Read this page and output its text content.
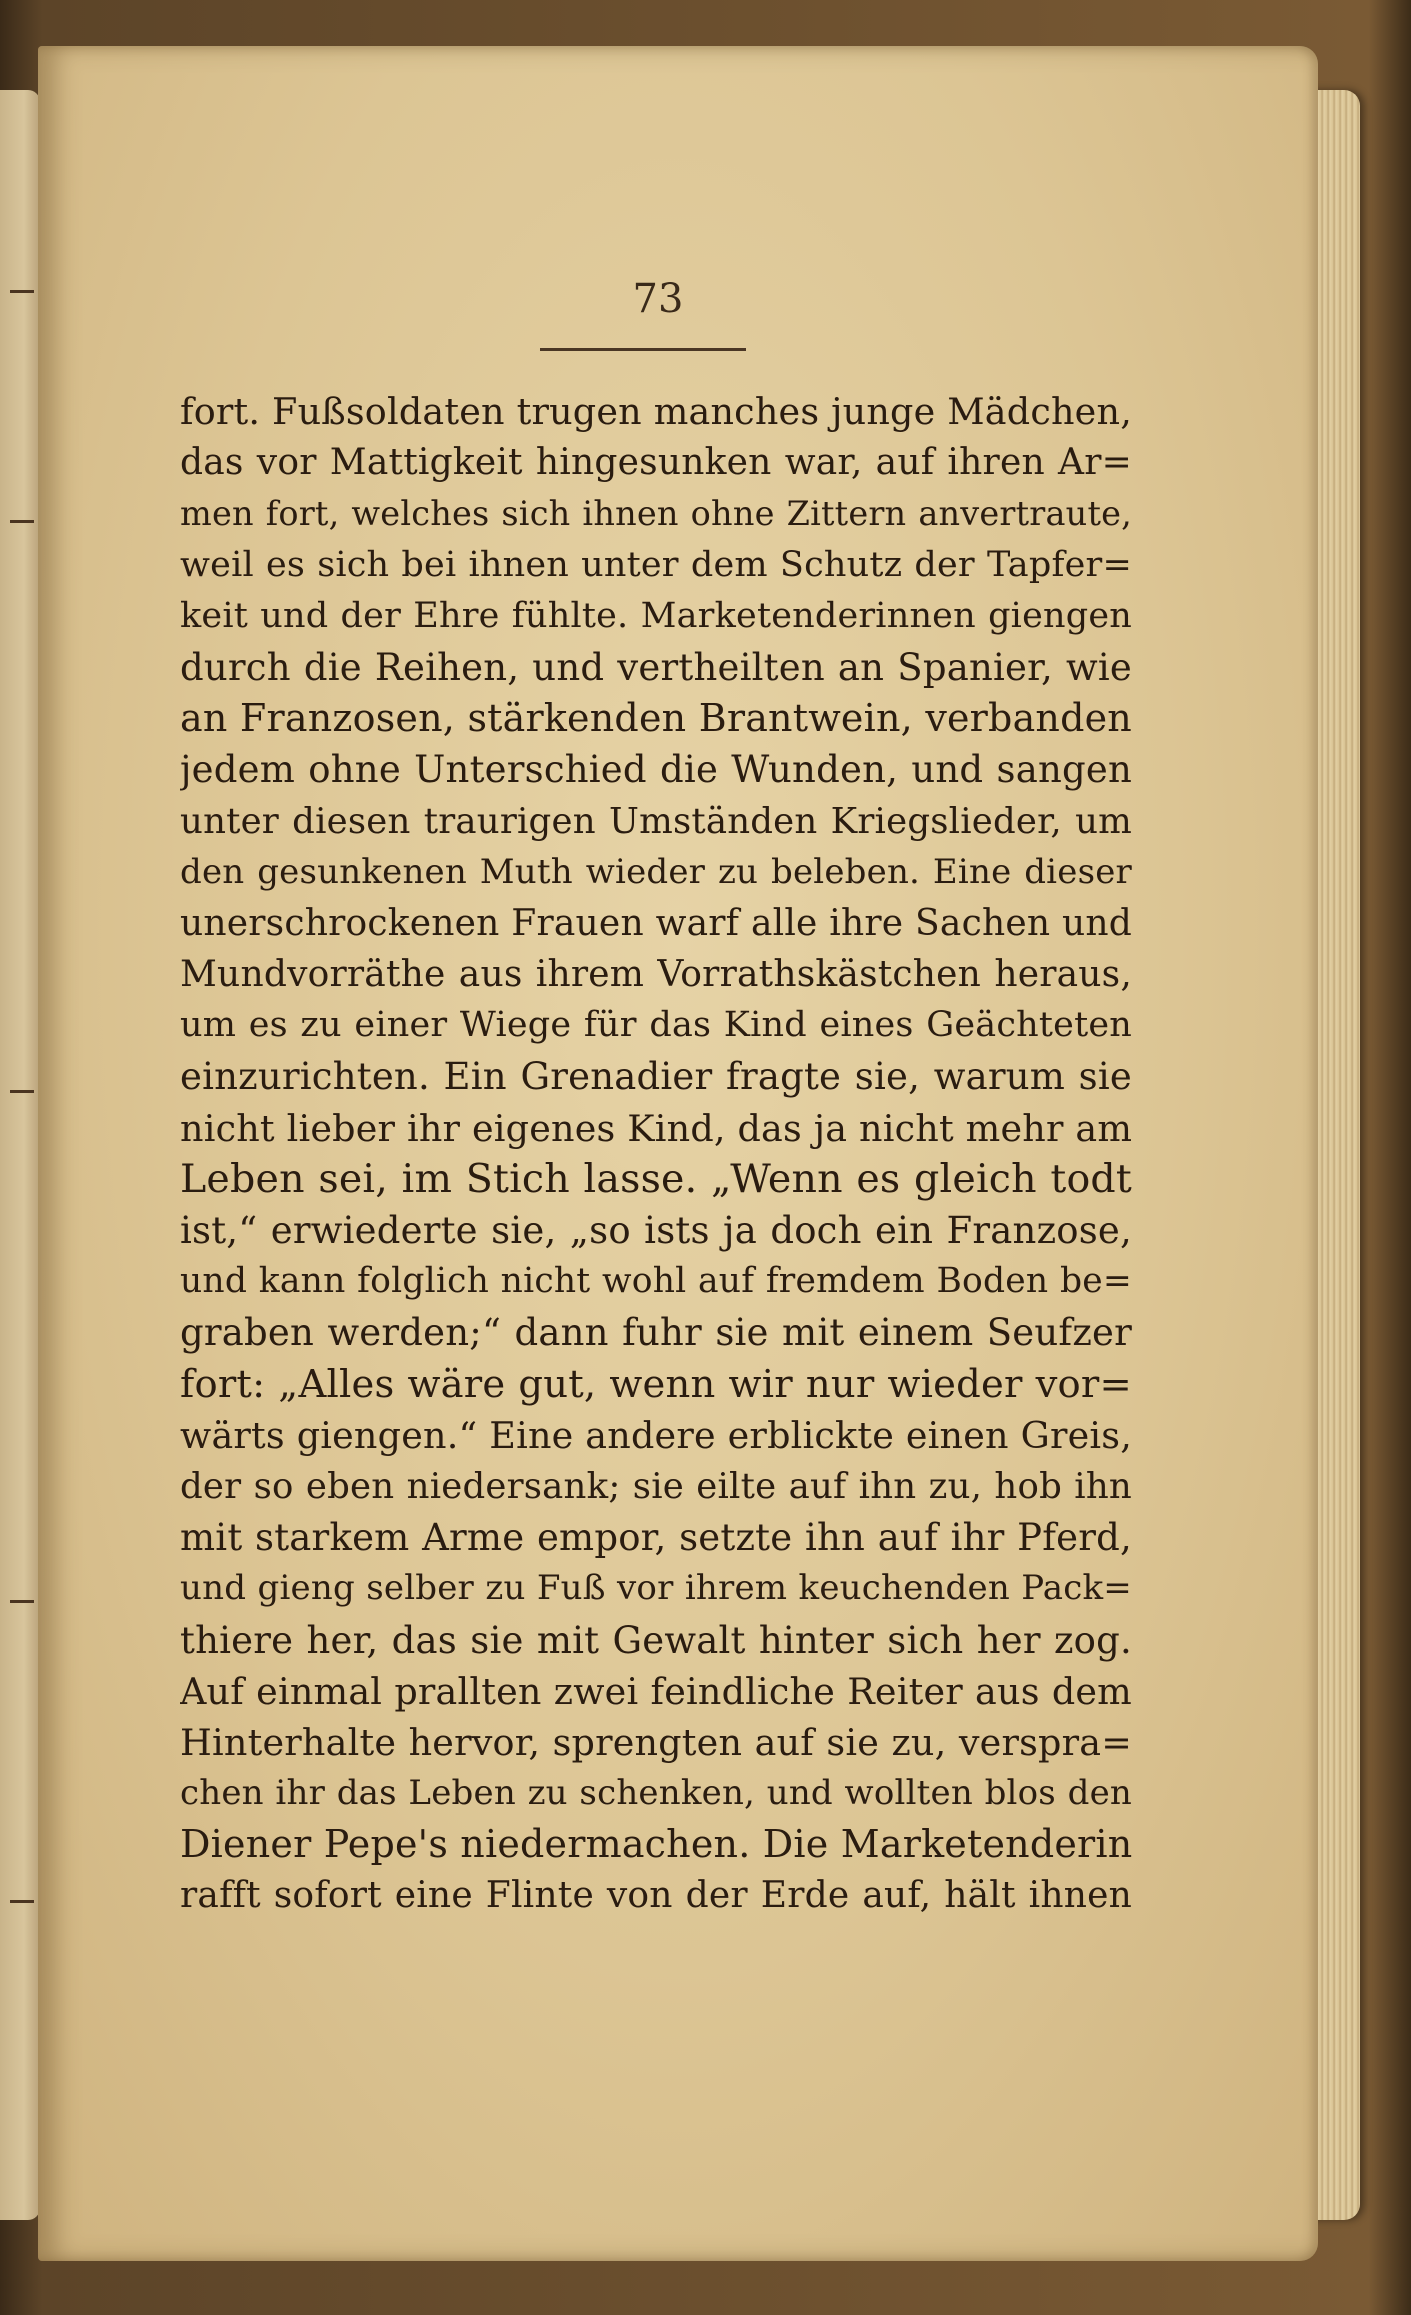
73
fort. Fußsoldaten trugen manches junge Mädchen,
das vor Mattigkeit hingesunken war, auf ihren Ar=
men fort, welches sich ihnen ohne Zittern anvertraute,
weil es sich bei ihnen unter dem Schutz der Tapfer=
keit und der Ehre fühlte. Marketenderinnen giengen
durch die Reihen, und vertheilten an Spanier, wie
an Franzosen, stärkenden Brantwein, verbanden
jedem ohne Unterschied die Wunden, und sangen
unter diesen traurigen Umständen Kriegslieder, um
den gesunkenen Muth wieder zu beleben. Eine dieser
unerschrockenen Frauen warf alle ihre Sachen und
Mundvorräthe aus ihrem Vorrathskästchen heraus,
um es zu einer Wiege für das Kind eines Geächteten
einzurichten. Ein Grenadier fragte sie, warum sie
nicht lieber ihr eigenes Kind, das ja nicht mehr am
Leben sei, im Stich lasse. „Wenn es gleich todt
ist,“ erwiederte sie, „so ists ja doch ein Franzose,
und kann folglich nicht wohl auf fremdem Boden be=
graben werden;“ dann fuhr sie mit einem Seufzer
fort: „Alles wäre gut, wenn wir nur wieder vor=
wärts giengen.“ Eine andere erblickte einen Greis,
der so eben niedersank; sie eilte auf ihn zu, hob ihn
mit starkem Arme empor, setzte ihn auf ihr Pferd,
und gieng selber zu Fuß vor ihrem keuchenden Pack=
thiere her, das sie mit Gewalt hinter sich her zog.
Auf einmal prallten zwei feindliche Reiter aus dem
Hinterhalte hervor, sprengten auf sie zu, verspra=
chen ihr das Leben zu schenken, und wollten blos den
Diener Pepe's niedermachen. Die Marketenderin
rafft sofort eine Flinte von der Erde auf, hält ihnen
